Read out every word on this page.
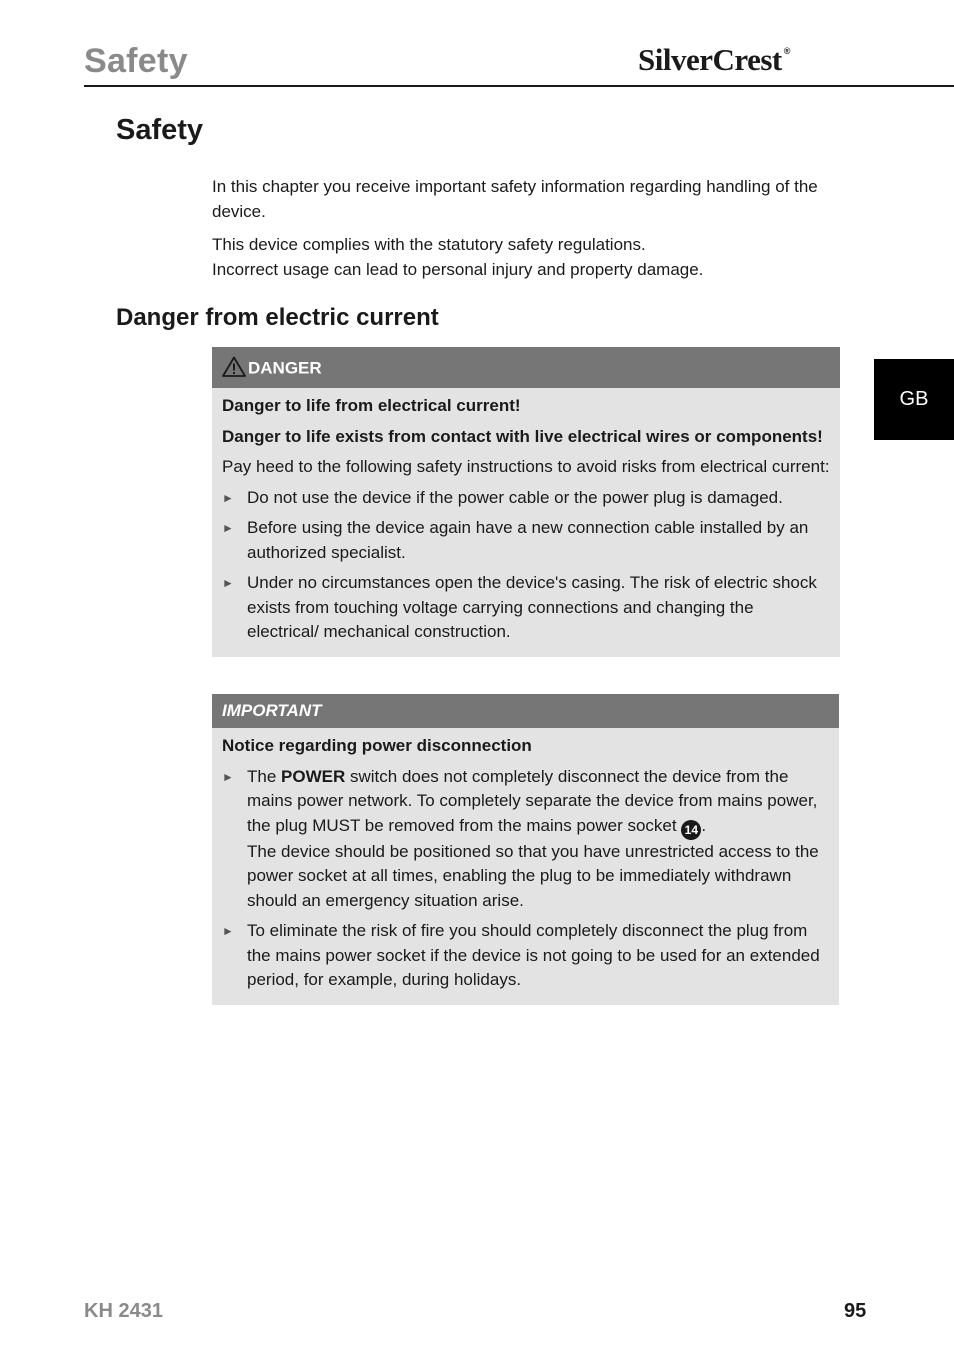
Safety	SilverCrest ®
Safety

In this chapter you receive important safety information regarding handling of the device.

This device complies with the statutory safety regulations.

Incorrect usage can lead to personal injury and property damage.

Danger from electric current
DANGER

Danger to life from electrical current!

Danger to life exists from contact with live electrical wires or components!

Pay heed to the following safety instructions to avoid risks from electrical current:

► Do not use the device if the power cable or the power plug is damaged.
► Before using the device again have a new connection cable installed by an authorized specialist.
► Under no circumstances open the device's casing. The risk of electric shock exists from touching voltage carrying connections and changing the electrical/ mechanical construction.
IMPORTANT

Notice regarding power disconnection

► The POWER switch does not completely disconnect the device from the mains power network. To completely separate the device from mains power, the plug MUST be removed from the mains power socket 14 .
The device should be positioned so that you have unrestricted access to the power socket at all times, enabling the plug to be immediately withdrawn should an emergency situation arise.
► To eliminate the risk of fire you should completely disconnect the plug from the mains power socket if the device is not going to be used for an extended period, for example, during holidays.
GB
KH 2431	95
